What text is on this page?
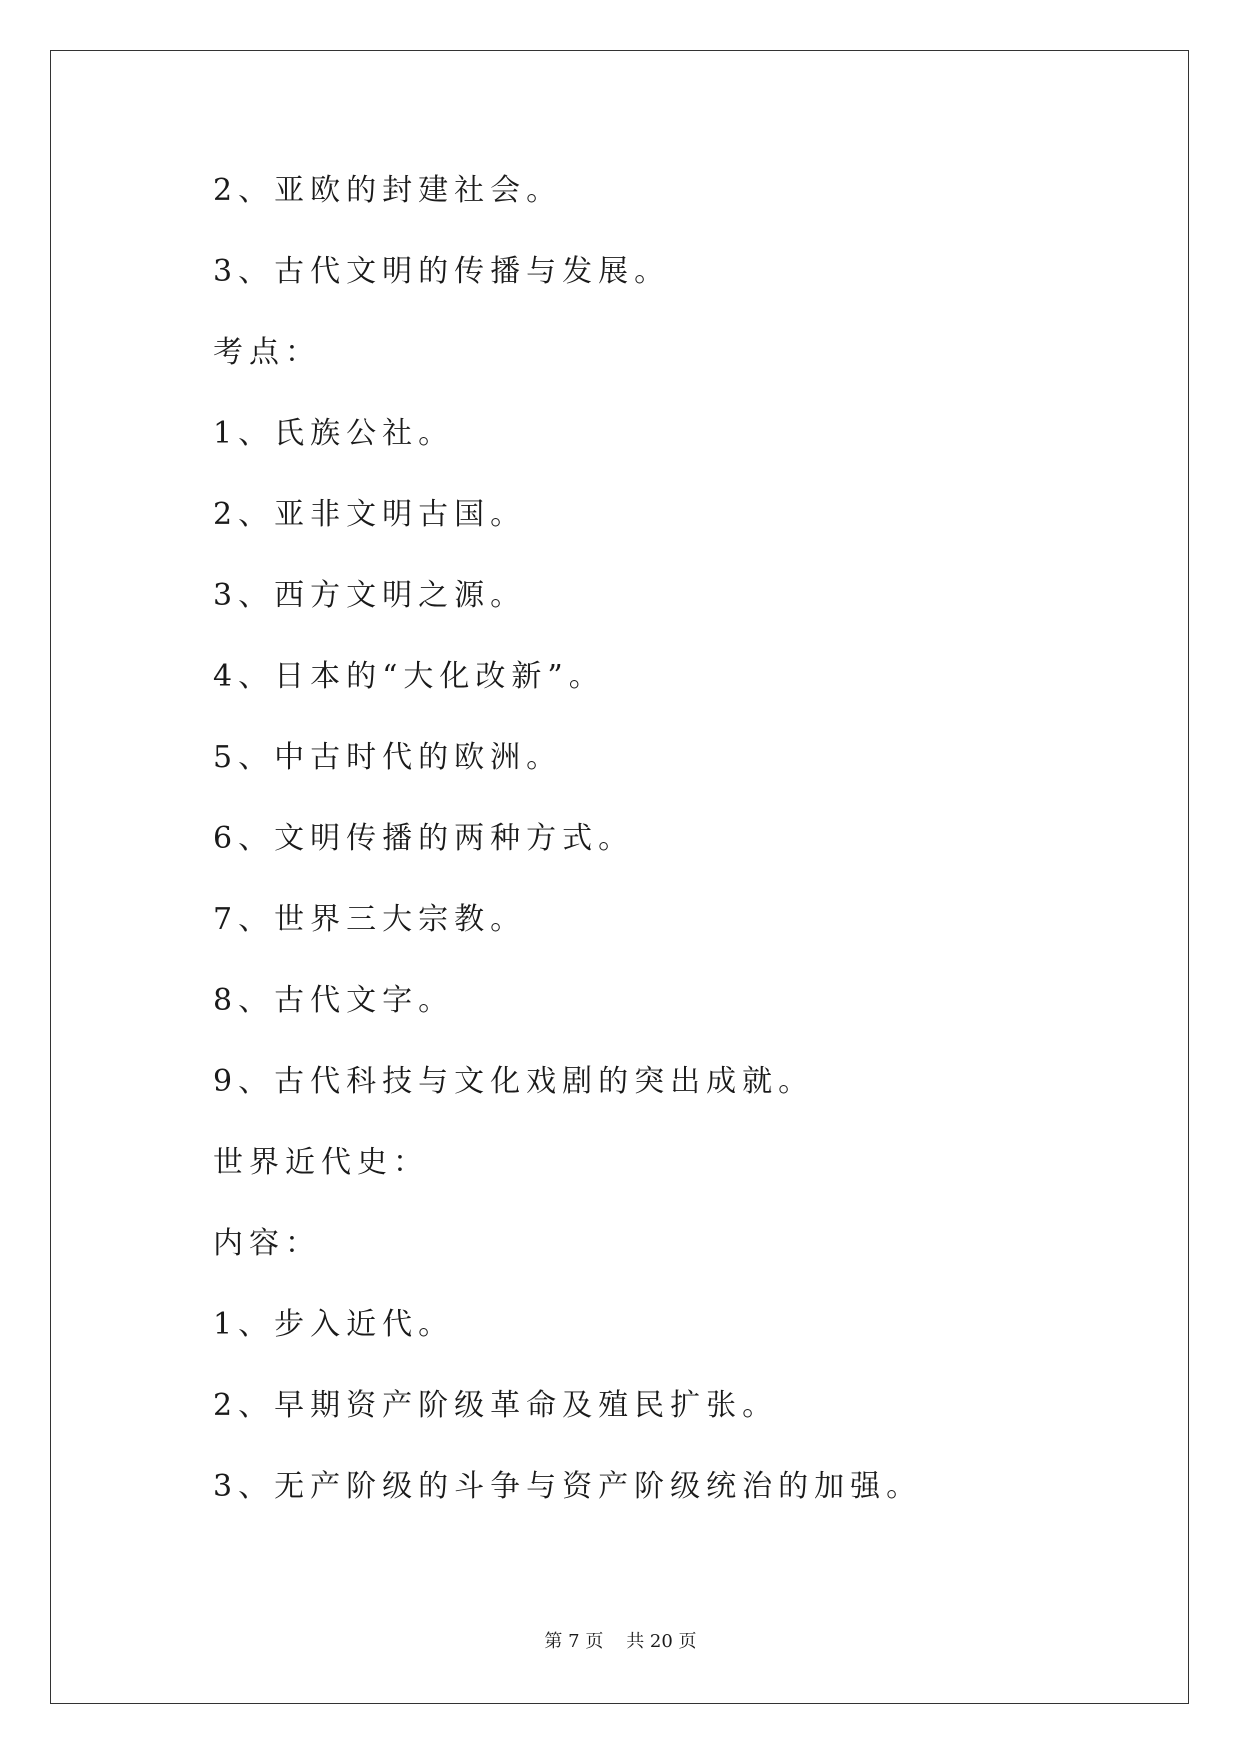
2、亚欧的封建社会。
3、古代文明的传播与发展。
考点：
1、氏族公社。
2、亚非文明古国。
3、西方文明之源。
4、日本的“大化改新”。
5、中古时代的欧洲。
6、文明传播的两种方式。
7、世界三大宗教。
8、古代文字。
9、古代科技与文化戏剧的突出成就。
世界近代史：
内容：
1、步入近代。
2、早期资产阶级革命及殖民扩张。
3、无产阶级的斗争与资产阶级统治的加强。
第 7 页    共 20 页
